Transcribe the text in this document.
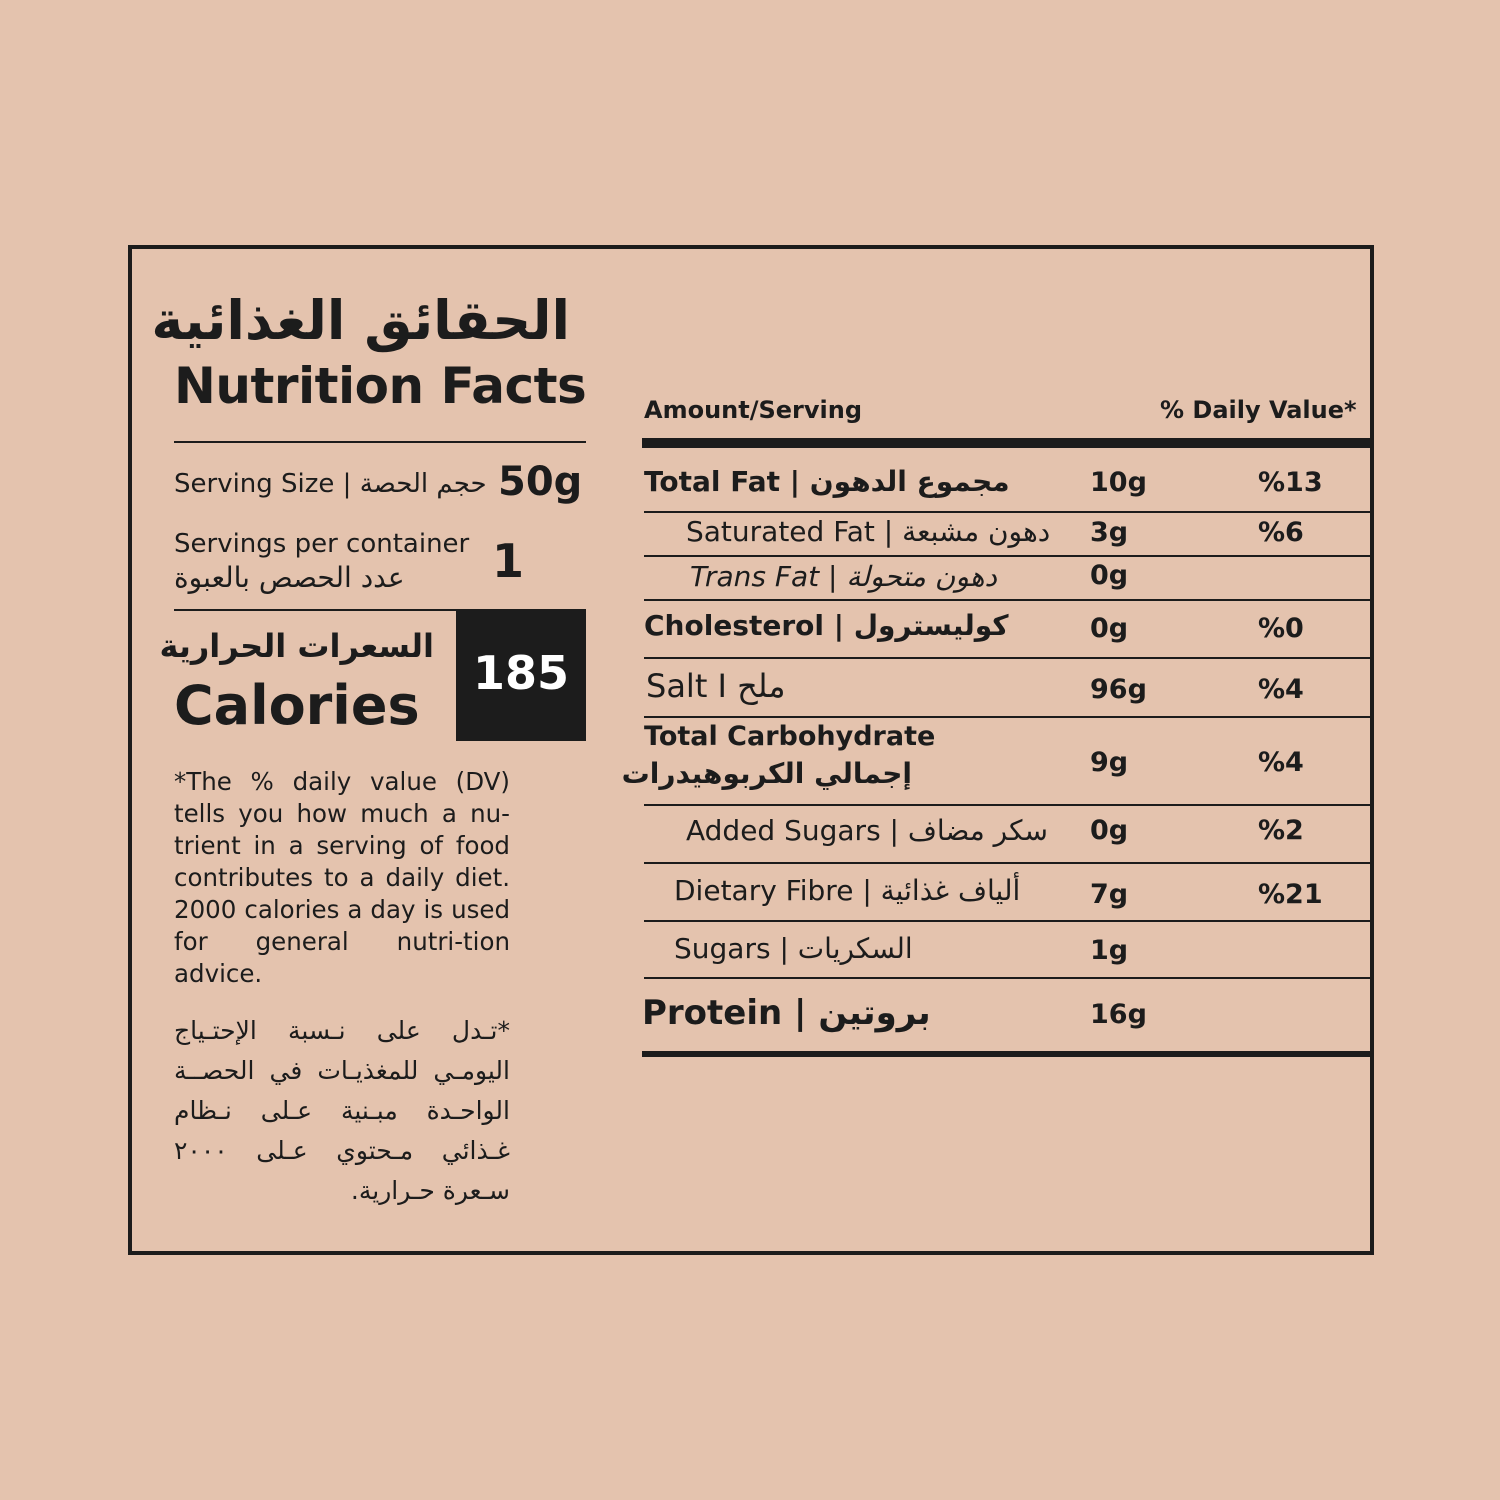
الحقائق الغذائية
Nutrition Facts
Serving Size | حجم الحصة 50g
Servings per container
عدد الحصص بالعبوة	1
السعرات الحرارية
Calories
185
*The % daily value (DV) tells you how much a nu-trient in a serving of food contributes to a daily diet. 2000 calories a day is used for general nutri-tion advice.
*تـدل على نـسبة الإحتـياج اليومـي للمغذيـات في الحصــة الواحـدة مبـنية عـلى نـظام غـذائي مـحتوي عـلى ٢٠٠٠ سـعرة حـرارية.
Amount/Serving	% Daily Value*
Total Fat | مجموع الدهون	10g	%13
Saturated Fat | دهون مشبعة 3g	%6
Trans Fat | دهون متحولة	0g
Cholesterol | كوليسترول	0g	%0
Salt I ملح	96g	%4
Total Carbohydrate
إجمالي الكربوهيدرات	9g	%4
Added Sugars | سكر مضاف 0g	%2
Dietary Fibre | ألياف غذائية	7g	%21
Sugars | السكريات	1g
Protein | بروتين	16g
